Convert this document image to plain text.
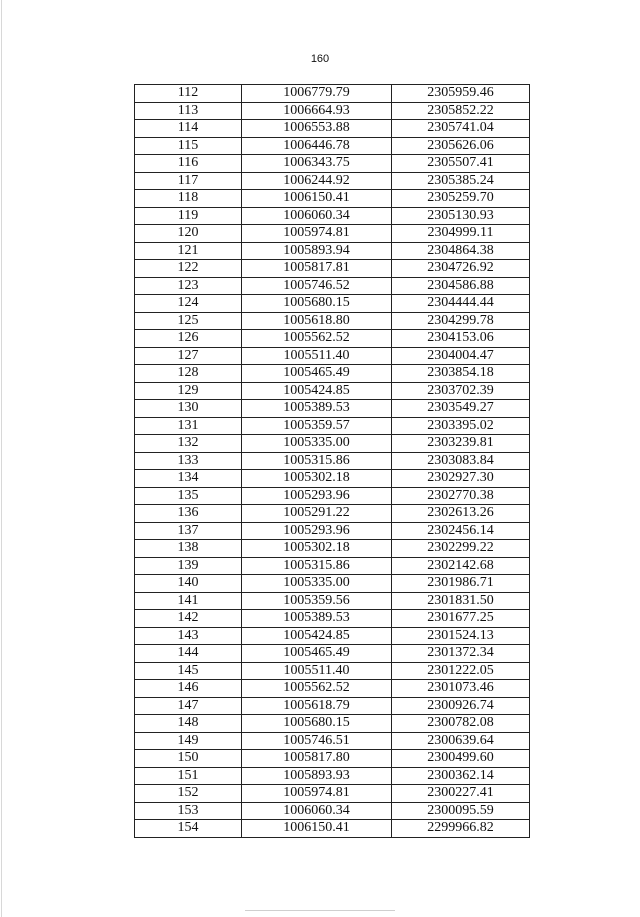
160
112	1006779.79	2305959.46
113	1006664.93	2305852.22
114	1006553.88	2305741.04
115	1006446.78	2305626.06
116	1006343.75	2305507.41
117	1006244.92	2305385.24
118	1006150.41	2305259.70
119	1006060.34	2305130.93
120	1005974.81	2304999.11
121	1005893.94	2304864.38
122	1005817.81	2304726.92
123	1005746.52	2304586.88
124	1005680.15	2304444.44
125	1005618.80	2304299.78
126	1005562.52	2304153.06
127	1005511.40	2304004.47
128	1005465.49	2303854.18
129	1005424.85	2303702.39
130	1005389.53	2303549.27
131	1005359.57	2303395.02
132	1005335.00	2303239.81
133	1005315.86	2303083.84
134	1005302.18	2302927.30
135	1005293.96	2302770.38
136	1005291.22	2302613.26
137	1005293.96	2302456.14
138	1005302.18	2302299.22
139	1005315.86	2302142.68
140	1005335.00	2301986.71
141	1005359.56	2301831.50
142	1005389.53	2301677.25
143	1005424.85	2301524.13
144	1005465.49	2301372.34
145	1005511.40	2301222.05
146	1005562.52	2301073.46
147	1005618.79	2300926.74
148	1005680.15	2300782.08
149	1005746.51	2300639.64
150	1005817.80	2300499.60
151	1005893.93	2300362.14
152	1005974.81	2300227.41
153	1006060.34	2300095.59
154	1006150.41	2299966.82
